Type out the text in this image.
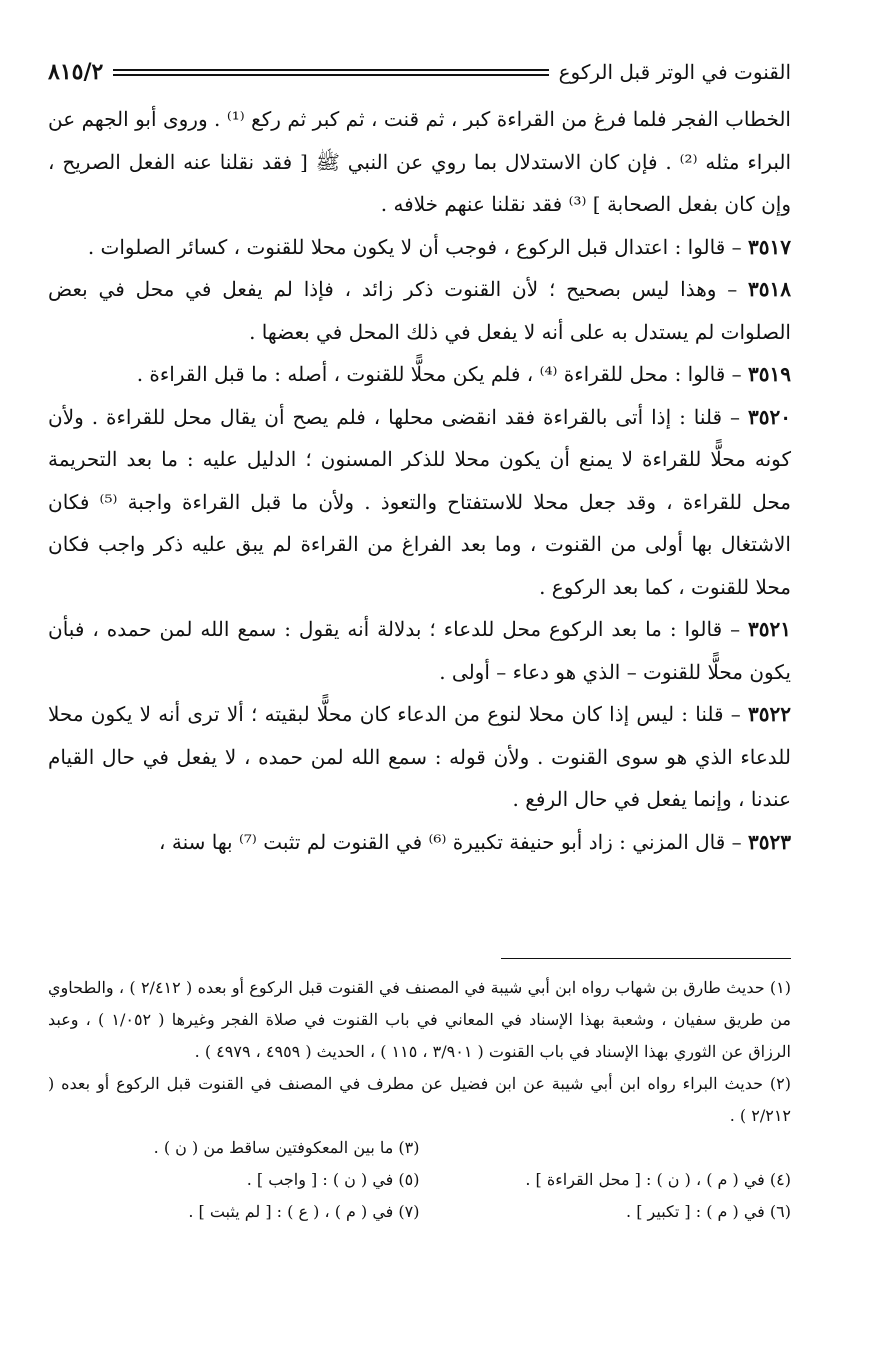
القنوت في الوتر قبل الركوع
٨١٥/٢

الخطاب الفجر فلما فرغ من القراءة كبر ، ثم قنت ، ثم كبر ثم ركع ⁽¹⁾ . وروى أبو الجهم عن البراء مثله ⁽²⁾ . فإن كان الاستدلال بما روي عن النبي ﷺ [ فقد نقلنا عنه الفعل الصريح ، وإن كان بفعل الصحابة ] ⁽³⁾ فقد نقلنا عنهم خلافه .

٣٥١٧ – قالوا : اعتدال قبل الركوع ، فوجب أن لا يكون محلا للقنوت ، كسائر الصلوات .

٣٥١٨ – وهذا ليس بصحيح ؛ لأن القنوت ذكر زائد ، فإذا لم يفعل في محل في بعض الصلوات لم يستدل به على أنه لا يفعل في ذلك المحل في بعضها .

٣٥١٩ – قالوا : محل للقراءة ⁽⁴⁾ ، فلم يكن محلًّا للقنوت ، أصله : ما قبل القراءة .

٣٥٢٠ – قلنا : إذا أتى بالقراءة فقد انقضى محلها ، فلم يصح أن يقال محل للقراءة . ولأن كونه محلًّا للقراءة لا يمنع أن يكون محلا للذكر المسنون ؛ الدليل عليه : ما بعد التحريمة محل للقراءة ، وقد جعل محلا للاستفتاح والتعوذ . ولأن ما قبل القراءة واجبة ⁽⁵⁾ فكان الاشتغال بها أولى من القنوت ، وما بعد الفراغ من القراءة لم يبق عليه ذكر واجب فكان محلا للقنوت ، كما بعد الركوع .

٣٥٢١ – قالوا : ما بعد الركوع محل للدعاء ؛ بدلالة أنه يقول : سمع الله لمن حمده ، فبأن يكون محلًّا للقنوت – الذي هو دعاء – أولى .

٣٥٢٢ – قلنا : ليس إذا كان محلا لنوع من الدعاء كان محلًّا لبقيته ؛ ألا ترى أنه لا يكون محلا للدعاء الذي هو سوى القنوت . ولأن قوله : سمع الله لمن حمده ، لا يفعل في حال القيام عندنا ، وإنما يفعل في حال الرفع .

٣٥٢٣ – قال المزني : زاد أبو حنيفة تكبيرة ⁽⁶⁾ في القنوت لم تثبت ⁽⁷⁾ بها سنة ،

(١) حديث طارق بن شهاب رواه ابن أبي شيبة في المصنف في القنوت قبل الركوع أو بعده ( ٢/٤١٢ ) ، والطحاوي من طريق سفيان ، وشعبة بهذا الإسناد في المعاني في باب القنوت في صلاة الفجر وغيرها ( ١/٠٥٢ ) ، وعبد الرزاق عن الثوري بهذا الإسناد في باب القنوت ( ٣/٩٠١ ، ١١٥ ) ، الحديث ( ٤٩٥٩ ، ٤٩٧٩ ) .

(٢) حديث البراء رواه ابن أبي شيبة عن ابن فضيل عن مطرف في المصنف في القنوت قبل الركوع أو بعده ( ٢/٢١٢ ) .

(٣) ما بين المعكوفتين ساقط من ( ن ) .
(٤) في ( م ) ، ( ن ) : [ محل القراءة ] .
(٥) في ( ن ) : [ واجب ] .
(٦) في ( م ) : [ تكبير ] .
(٧) في ( م ) ، ( ع ) : [ لم يثبت ] .
